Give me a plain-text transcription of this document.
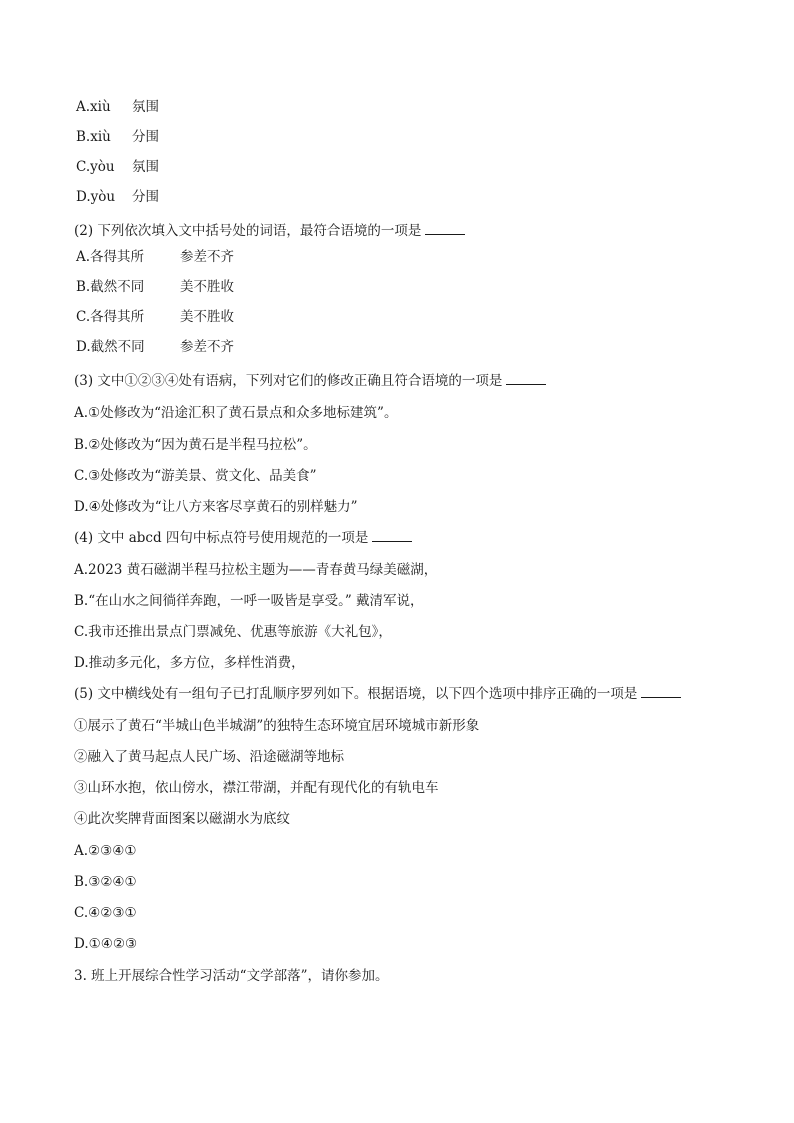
A.xiù 氛围
B.xiù 分围
C.yòu 氛围
D.yòu 分围
(2) 下列依次填入文中括号处的词语，最符合语境的一项是
A.各得其所	参差不齐
B.截然不同	美不胜收
C.各得其所	美不胜收
D.截然不同	参差不齐
(3) 文中①②③④处有语病，下列对它们的修改正确且符合语境的一项是
A.①处修改为“沿途汇积了黄石景点和众多地标建筑”。
B.②处修改为“因为黄石是半程马拉松”。
C.③处修改为“游美景、赏文化、品美食”
D.④处修改为“让八方来客尽享黄石的别样魅力”
(4) 文中 abcd 四句中标点符号使用规范的一项是
A.2023 黄石磁湖半程马拉松主题为——青春黄马绿美磁湖，
B.“在山水之间徜徉奔跑，一呼一吸皆是享受。” 戴清军说，
C.我市还推出景点门票减免、优惠等旅游《大礼包》，
D.推动多元化，多方位，多样性消费，
(5) 文中横线处有一组句子已打乱顺序罗列如下。根据语境，以下四个选项中排序正确的一项是
①展示了黄石“半城山色半城湖”的独特生态环境宜居环境城市新形象
②融入了黄马起点人民广场、沿途磁湖等地标
③山环水抱，依山傍水，襟江带湖，并配有现代化的有轨电车
④此次奖牌背面图案以磁湖水为底纹
A.②③④①
B.③②④①
C.④②③①
D.①④②③
3. 班上开展综合性学习活动“文学部落”，请你参加。
